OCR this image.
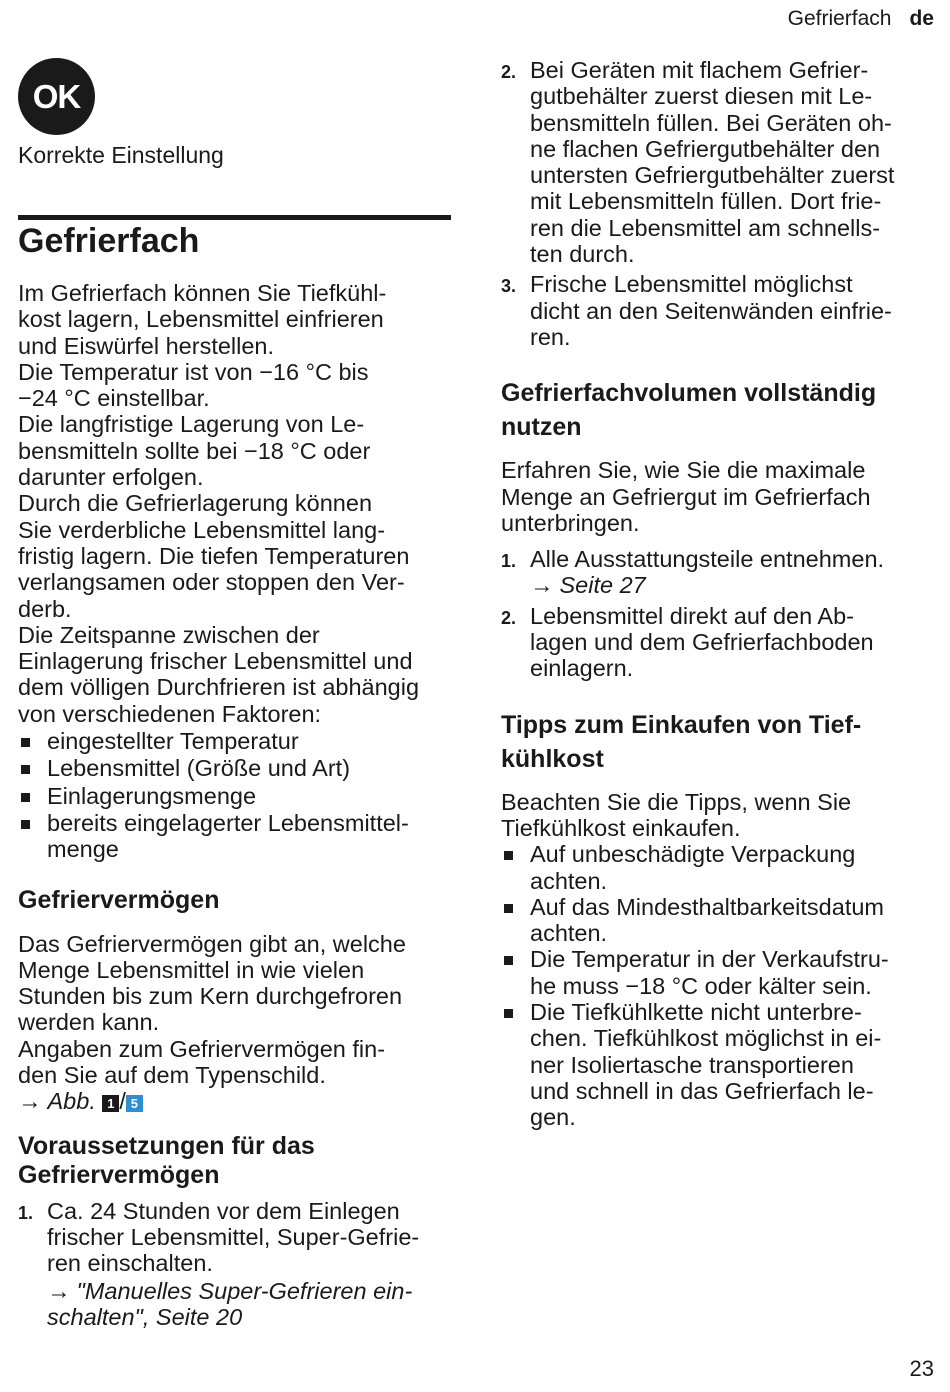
Gefrierfach de
OK
Korrekte Einstellung
Gefrierfach

Im Gefrierfach können Sie Tiefkühl-

kost lagern, Lebensmittel einfrieren

und Eiswürfel herstellen.

Die Temperatur ist von −16 °C bis

−24 °C einstellbar.

Die langfristige Lagerung von Le-

bensmitteln sollte bei −18 °C oder

darunter erfolgen.

Durch die Gefrierlagerung können

Sie verderbliche Lebensmittel lang-

fristig lagern. Die tiefen Temperaturen

verlangsamen oder stoppen den Ver-

derb.

Die Zeitspanne zwischen der

Einlagerung frischer Lebensmittel und

dem völligen Durchfrieren ist abhängig

von verschiedenen Faktoren:

eingestellter Temperatur
Lebensmittel (Größe und Art)
Einlagerungsmenge
bereits eingelagerter Lebensmittel-
menge
Gefriervermögen

Das Gefriervermögen gibt an, welche

Menge Lebensmittel in wie vielen

Stunden bis zum Kern durchgefroren

werden kann.

Angaben zum Gefriervermögen fin-

den Sie auf dem Typenschild.

→ Abb. 1 / 5

Voraussetzungen für das
Gefriervermögen
1. Ca. 24 Stunden vor dem Einlegen
frischer Lebensmittel, Super-Gefrie-
ren einschalten.
→ "Manuelles Super-Gefrieren ein-
schalten", Seite 20
2. Bei Geräten mit flachem Gefrier-
gutbehälter zuerst diesen mit Le-
bensmitteln füllen. Bei Geräten oh-
ne flachen Gefriergutbehälter den
untersten Gefriergutbehälter zuerst
mit Lebensmitteln füllen. Dort frie-
ren die Lebensmittel am schnells-
ten durch.
3. Frische Lebensmittel möglichst
dicht an den Seitenwänden einfrie-
ren.
Gefrierfachvolumen vollständig
nutzen

Erfahren Sie, wie Sie die maximale

Menge an Gefriergut im Gefrierfach

unterbringen.

1. Alle Ausstattungsteile entnehmen.
→ Seite 27
2. Lebensmittel direkt auf den Ab-
lagen und dem Gefrierfachboden
einlagern.
Tipps zum Einkaufen von Tief-
kühlkost

Beachten Sie die Tipps, wenn Sie

Tiefkühlkost einkaufen.

Auf unbeschädigte Verpackung
achten.
Auf das Mindesthaltbarkeitsdatum
achten.
Die Temperatur in der Verkaufstru-
he muss −18 °C oder kälter sein.
Die Tiefkühlkette nicht unterbre-
chen. Tiefkühlkost möglichst in ei-
ner Isoliertasche transportieren
und schnell in das Gefrierfach le-
gen.
23
